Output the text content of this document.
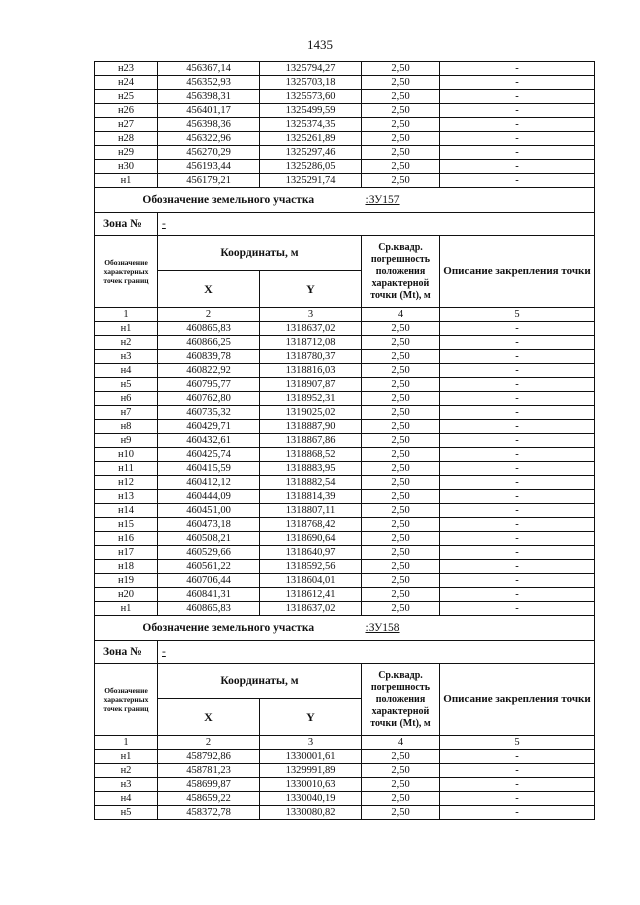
1435
н23	456367,14	1325794,27	2,50	-
н24	456352,93	1325703,18	2,50	-
н25	456398,31	1325573,60	2,50	-
н26	456401,17	1325499,59	2,50	-
н27	456398,36	1325374,35	2,50	-
н28	456322,96	1325261,89	2,50	-
н29	456270,29	1325297,46	2,50	-
н30	456193,44	1325286,05	2,50	-
н1	456179,21	1325291,74	2,50	-
Обозначение земельного участка			:ЗУ157	
Зона №	-			
Обозначение характерных точек границ	Координаты, м		Ср.квадр. погрешность положения характерной точки (Mt), м	Описание закрепления точки
	X	Y		
1	2	3	4	5
н1	460865,83	1318637,02	2,50	-
н2	460866,25	1318712,08	2,50	-
н3	460839,78	1318780,37	2,50	-
н4	460822,92	1318816,03	2,50	-
н5	460795,77	1318907,87	2,50	-
н6	460762,80	1318952,31	2,50	-
н7	460735,32	1319025,02	2,50	-
н8	460429,71	1318887,90	2,50	-
н9	460432,61	1318867,86	2,50	-
н10	460425,74	1318868,52	2,50	-
н11	460415,59	1318883,95	2,50	-
н12	460412,12	1318882,54	2,50	-
н13	460444,09	1318814,39	2,50	-
н14	460451,00	1318807,11	2,50	-
н15	460473,18	1318768,42	2,50	-
н16	460508,21	1318690,64	2,50	-
н17	460529,66	1318640,97	2,50	-
н18	460561,22	1318592,56	2,50	-
н19	460706,44	1318604,01	2,50	-
н20	460841,31	1318612,41	2,50	-
н1	460865,83	1318637,02	2,50	-
Обозначение земельного участка			:ЗУ158	
Зона №	-			
Обозначение характерных точек границ	Координаты, м		Ср.квадр. погрешность положения характерной точки (Mt), м	Описание закрепления точки
	X	Y		
1	2	3	4	5
н1	458792,86	1330001,61	2,50	-
н2	458781,23	1329991,89	2,50	-
н3	458699,87	1330010,63	2,50	-
н4	458659,22	1330040,19	2,50	-
н5	458372,78	1330080,82	2,50	-
